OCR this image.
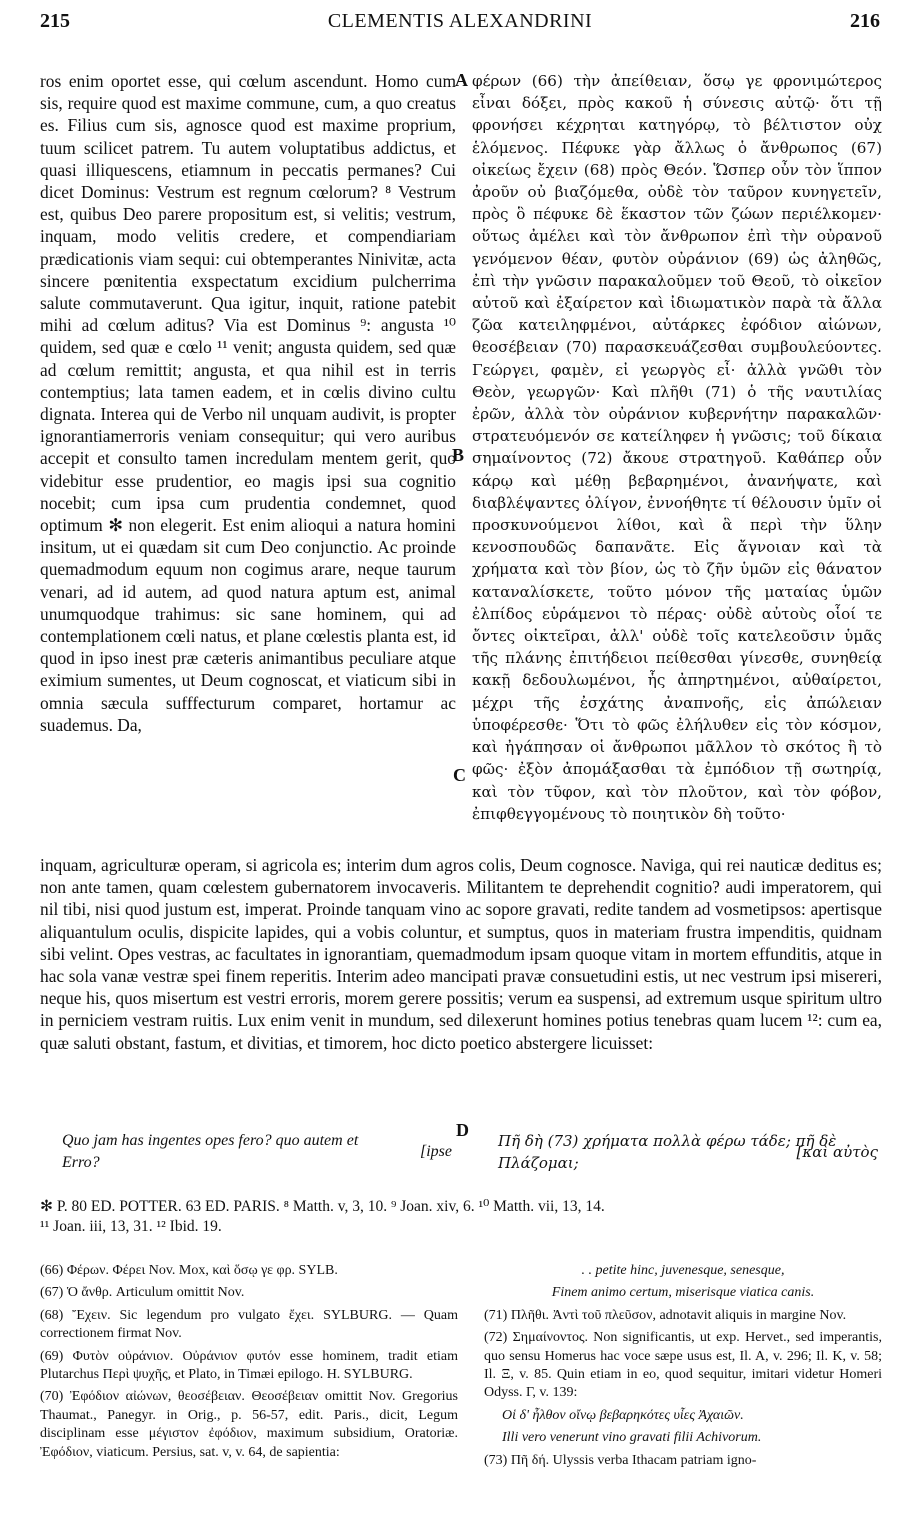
215	CLEMENTIS ALEXANDRINI	216
ros enim oportet esse, qui cœlum ascendunt. Homo cum sis, require quod est maxime commune, cum, a quo creatus es. Filius cum sis, agnosce quod est maxime proprium, tuum scilicet patrem. Tu autem voluptatibus addictus, et quasi illiquescens, etiamnum in peccatis permanes? Cui dicet Dominus: Vestrum est regnum cœlorum? ⁸ Vestrum est, quibus Deo parere propositum est, si velitis; vestrum, inquam, modo velitis credere, et compendiariam prædicationis viam sequi: cui obtemperantes Ninivitæ, acta sincere pœnitentia exspectatum excidium pulcherrima salute commutaverunt. Qua igitur, inquit, ratione patebit mihi ad cœlum aditus? Via est Dominus ⁹: angusta ¹⁰ quidem, sed quæ e cœlo ¹¹ venit; angusta quidem, sed quæ ad cœlum remittit; angusta, et qua nihil est in terris contemptius; lata tamen eadem, et in cœlis divino cultu dignata. Interea qui de Verbo nil unquam audivit, is propter ignorantiamerroris veniam consequitur; qui vero auribus accepit et consulto tamen incredulam mentem gerit, quo videbitur esse prudentior, eo magis ipsi sua cognitio nocebit; cum ipsa cum prudentia condemnet, quod optimum ✻ non elegerit. Est enim alioqui a natura homini insitum, ut ei quædam sit cum Deo conjunctio. Ac proinde quemadmodum equum non cogimus arare, neque taurum venari, ad id autem, ad quod natura aptum est, animal unumquodque trahimus: sic sane hominem, qui ad contemplationem cœli natus, et plane cœlestis planta est, id quod in ipso inest præ cæteris animantibus peculiare atque eximium sumentes, ut Deum cognoscat, et viaticum sibi in omnia sæcula sufffecturum comparet, hortamur ac suademus. Da,
A
B
C
D
φέρων (66) τὴν ἀπείθειαν, ὅσῳ γε φρονιμώτερος εἶναι δόξει, πρὸς κακοῦ ἡ σύνεσις αὐτῷ· ὅτι τῇ φρονήσει κέχρηται κατηγόρῳ, τὸ βέλτιστον οὐχ ἑλόμενος. Πέφυκε γὰρ ἄλλως ὁ ἄνθρωπος (67) οἰκείως ἔχειν (68) πρὸς Θεόν. Ὥσπερ οὖν τὸν ἵππον ἀροῦν οὐ βιαζόμεθα, οὐδὲ τὸν ταῦρον κυνηγετεῖν, πρὸς ὃ πέφυκε δὲ ἕκαστον τῶν ζώων περιέλκομεν· οὕτως ἀμέλει καὶ τὸν ἄνθρωπον ἐπὶ τὴν οὐρανοῦ γενόμενον θέαν, φυτὸν οὐράνιον (69) ὡς ἀληθῶς, ἐπὶ τὴν γνῶσιν παρακαλοῦμεν τοῦ Θεοῦ, τὸ οἰκεῖον αὐτοῦ καὶ ἐξαίρετον καὶ ἰδιωματικὸν παρὰ τὰ ἄλλα ζῶα κατειληφμένοι, αὐτάρκες ἐφόδιον αἰώνων, θεοσέβειαν (70) παρασκευάζεσθαι συμβουλεύοντες. Γεώργει, φαμὲν, εἰ γεωργὸς εἶ· ἀλλὰ γνῶθι τὸν Θεὸν, γεωργῶν· Καὶ πλῆθι (71) ὁ τῆς ναυτιλίας ἐρῶν, ἀλλὰ τὸν οὐράνιον κυβερνήτην παρακαλῶν· στρατευόμενόν σε κατείληφεν ἡ γνῶσις; τοῦ δίκαια σημαίνοντος (72) ἄκουε στρατηγοῦ. Καθάπερ οὖν κάρῳ καὶ μέθῃ βεβαρημένοι, ἀνανήψατε, καὶ διαβλέψαντες ὀλίγον, ἐννοήθητε τί θέλουσιν ὑμῖν οἱ προσκυνούμενοι λίθοι, καὶ ἃ περὶ τὴν ὕλην κενοσπουδῶς δαπανᾶτε. Εἰς ἄγνοιαν καὶ τὰ χρήματα καὶ τὸν βίον, ὡς τὸ ζῆν ὑμῶν εἰς θάνατον καταναλίσκετε, τοῦτο μόνον τῆς ματαίας ὑμῶν ἐλπίδος εὑράμενοι τὸ πέρας· οὐδὲ αὐτοὺς οἷοί τε ὄντες οἰκτεῖραι, ἀλλ' οὐδὲ τοῖς κατελεοῦσιν ὑμᾶς τῆς πλάνης ἐπιτήδειοι πείθεσθαι γίνεσθε, συνηθείᾳ κακῇ δεδουλωμένοι, ἧς ἀπηρτημένοι, αὐθαίρετοι, μέχρι τῆς ἐσχάτης ἀναπνοῆς, εἰς ἀπώλειαν ὑποφέρεσθε· Ὅτι τὸ φῶς ἐλήλυθεν εἰς τὸν κόσμον, καὶ ἠγάπησαν οἱ ἄνθρωποι μᾶλλον τὸ σκότος ἢ τὸ φῶς· ἐξὸν ἀπομάξασθαι τὰ ἐμπόδιον τῇ σωτηρίᾳ, καὶ τὸν τῦφον, καὶ τὸν πλοῦτον, καὶ τὸν φόβον, ἐπιφθεγγομένους τὸ ποιητικὸν δὴ τοῦτο·
inquam, agriculturæ operam, si agricola es; interim dum agros colis, Deum cognosce. Naviga, qui rei nauticæ deditus es; non ante tamen, quam cœlestem gubernatorem invocaveris. Militantem te deprehendit cognitio? audi imperatorem, qui nil tibi, nisi quod justum est, imperat. Proinde tanquam vino ac sopore gravati, redite tandem ad vosmetipsos: apertisque aliquantulum oculis, dispicite lapides, qui a vobis coluntur, et sumptus, quos in materiam frustra impenditis, quidnam sibi velint. Opes vestras, ac facultates in ignorantiam, quemadmodum ipsam quoque vitam in mortem effunditis, atque in hac sola vanæ vestræ spei finem reperitis. Interim adeo mancipati pravæ consuetudini estis, ut nec vestrum ipsi misereri, neque his, quos misertum est vestri erroris, morem gerere possitis; verum ea suspensi, ad extremum usque spiritum ultro in perniciem vestram ruitis. Lux enim venit in mundum, sed dilexerunt homines potius tenebras quam lucem ¹²: cum ea, quæ saluti obstant, fastum, et divitias, et timorem, hoc dicto poetico abstergere licuisset:
Quo jam has ingentes opes fero? quo autem et
[ipse
Erro?
Πῆ δὴ (73) χρήματα πολλὰ φέρω τάδε; πῆ δὲ
[καὶ αὐτὸς
Πλάζομαι;
✻ P. 80 ED. POTTER. 63 ED. PARIS. ⁸ Matth. v, 3, 10. ⁹ Joan. xiv, 6. ¹⁰ Matth. vii, 13, 14.
¹¹ Joan. iii, 13, 31. ¹² Ibid. 19.
(66) Φέρων. Φέρει Nov. Mox, καὶ ὅσῳ γε φρ. SYLB.
(67) Ὁ ἄνθρ. Articulum omittit Nov.
(68) Ἔχειν. Sic legendum pro vulgato ἔχει. SYLBURG. — Quam correctionem firmat Nov.
(69) Φυτὸν οὐράνιον. Οὐράνιον φυτόν esse hominem, tradit etiam Plutarchus Περὶ ψυχῆς, et Plato, in Timæi epilogo. H. SYLBURG.
(70) Ἐφόδιον αἰώνων, θεοσέβειαν. Θεοσέβειαν omittit Nov. Gregorius Thaumat., Panegyr. in Orig., p. 56-57, edit. Paris., dicit, Legum disciplinam esse μέγιστον ἐφόδιον, maximum subsidium, Oratoriæ. Ἐφόδιον, viaticum. Persius, sat. v, v. 64, de sapientia:
. . petite hinc, juvenesque, senesque,
Finem animo certum, miserisque viatica canis.
(71) Πλῆθι. Ἀντὶ τοῦ πλεῦσον, adnotavit aliquis in margine Nov.
(72) Σημαίνοντος. Non significantis, ut exp. Hervet., sed imperantis, quo sensu Homerus hac voce sæpe usus est, Il. A, v. 296; Il. K, v. 58; Il. Ξ, v. 85. Quin etiam in eo, quod sequitur, imitari videtur Homeri Odyss. Γ, v. 139:
Οἱ δ' ἦλθον οἴνῳ βεβαρηκότες υἷες Ἀχαιῶν.
Illi vero venerunt vino gravati filii Achivorum.
(73) Πῆ δή. Ulyssis verba Ithacam patriam igno-
